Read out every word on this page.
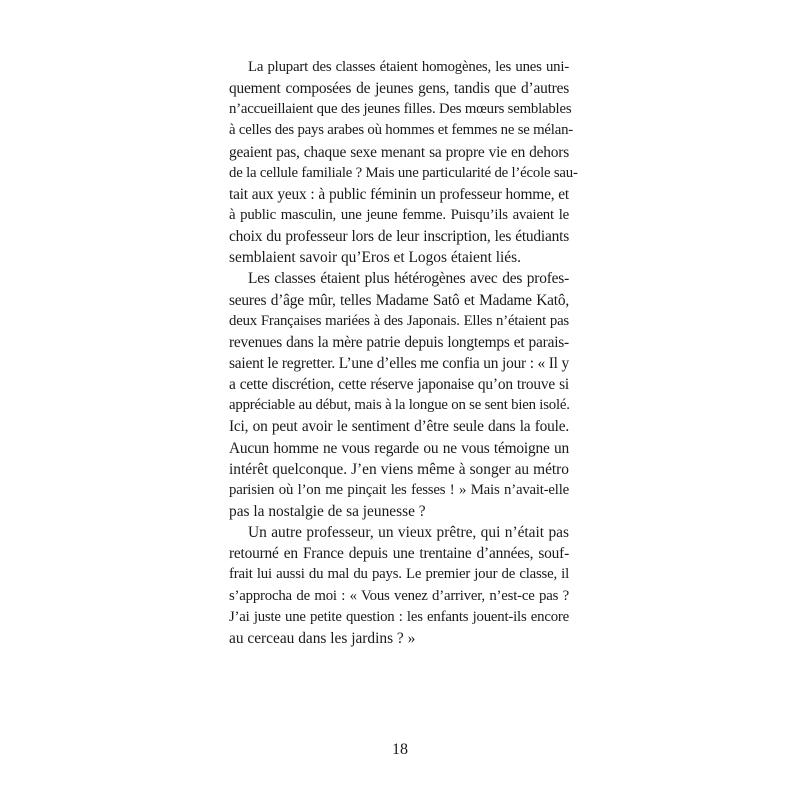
La plupart des classes étaient homogènes, les unes uni-
quement composées de jeunes gens, tandis que d’autres
n’accueillaient que des jeunes filles. Des mœurs semblables
à celles des pays arabes où hommes et femmes ne se mélan-
geaient pas, chaque sexe menant sa propre vie en dehors
de la cellule familiale ? Mais une particularité de l’école sau-
tait aux yeux : à public féminin un professeur homme, et
à public masculin, une jeune femme. Puisqu’ils avaient le
choix du professeur lors de leur inscription, les étudiants
semblaient savoir qu’Eros et Logos étaient liés.
Les classes étaient plus hétérogènes avec des profes-
seures d’âge mûr, telles Madame Satô et Madame Katô,
deux Françaises mariées à des Japonais. Elles n’étaient pas
revenues dans la mère patrie depuis longtemps et parais-
saient le regretter. L’une d’elles me confia un jour : « Il y
a cette discrétion, cette réserve japonaise qu’on trouve si
appréciable au début, mais à la longue on se sent bien isolé.
Ici, on peut avoir le sentiment d’être seule dans la foule.
Aucun homme ne vous regarde ou ne vous témoigne un
intérêt quelconque. J’en viens même à songer au métro
parisien où l’on me pinçait les fesses ! » Mais n’avait-elle
pas la nostalgie de sa jeunesse ?
Un autre professeur, un vieux prêtre, qui n’était pas
retourné en France depuis une trentaine d’années, souf-
frait lui aussi du mal du pays. Le premier jour de classe, il
s’approcha de moi : « Vous venez d’arriver, n’est-ce pas ?
J’ai juste une petite question : les enfants jouent-ils encore
au cerceau dans les jardins ? »
18
